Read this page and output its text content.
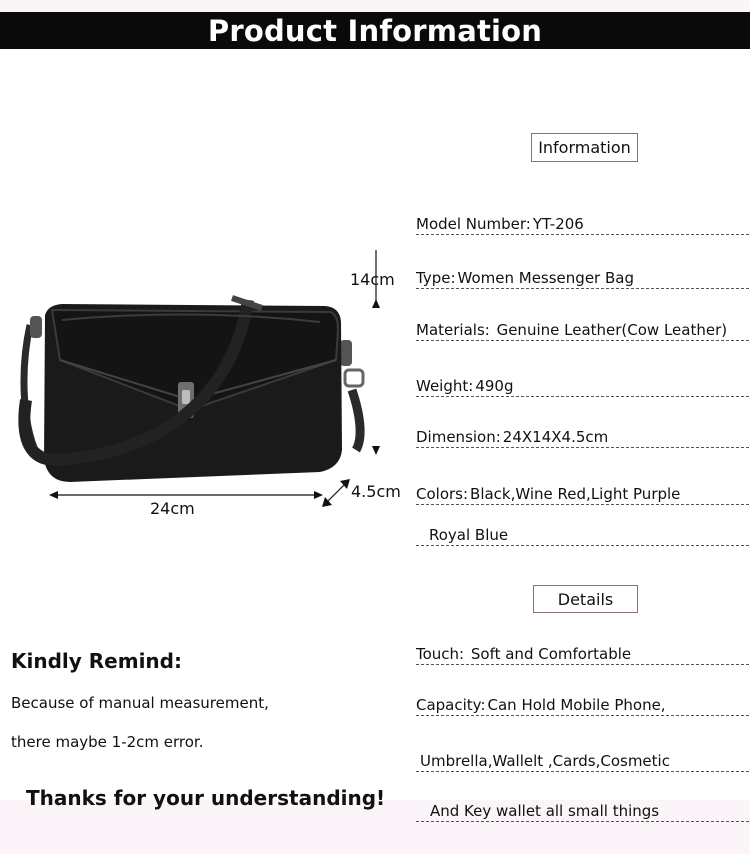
Product Information
14cm
24cm
4.5cm
Information
Model Number: YT-206
Type: Women Messenger Bag
Materials: Genuine Leather(Cow Leather)
Weight: 490g
Dimension: 24X14X4.5cm
Colors: Black,Wine Red,Light Purple
Royal Blue
Details
Touch: Soft and Comfortable
Capacity: Can Hold Mobile Phone,
Umbrella,Wallelt ,Cards,Cosmetic
And Key wallet all small things
Kindly Remind:
Because of manual measurement,
there maybe 1-2cm error.
Thanks for your understanding!
